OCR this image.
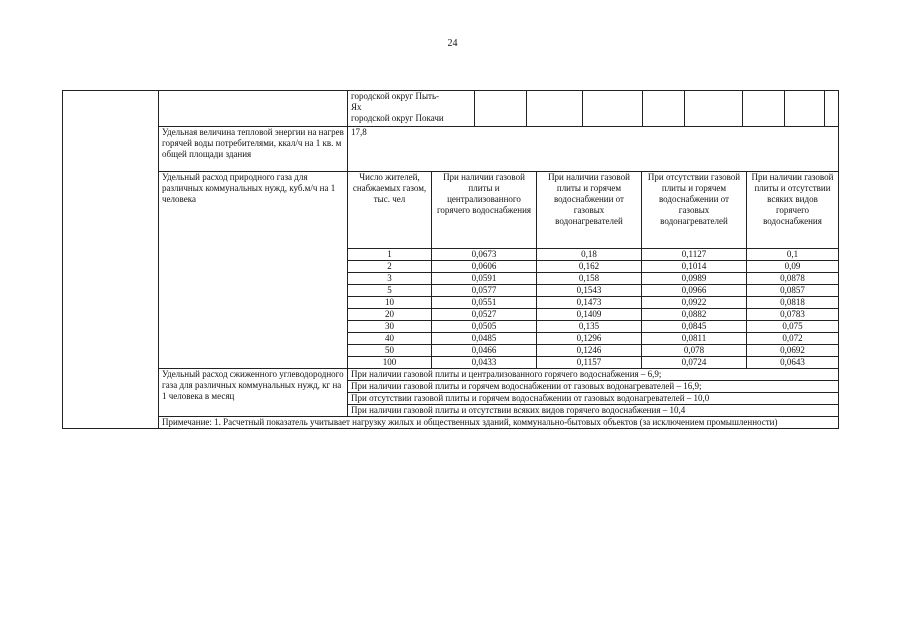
24

городской округ Пыть-
Ях
городской округ Покачи

Удельная величина тепловой энергии на нагрев горячей воды потребителями, ккал/ч на 1 кв. м общей площади здания	17,8
Удельный расход природного газа для различных коммунальных нужд, куб.м/ч на 1 человека	Число жителей, снабжаемых газом, тыс. чел	При наличии газовой плиты и централизованного горячего водоснабжения	При наличии газовой плиты и горячем водоснабжении от газовых водонагревателей	При отсутствии газовой плиты и горячем водоснабжении от газовых водонагревателей	При наличии газовой плиты и отсутствии всяких видов горячего водоснабжения
1	0,0673	0,18	0,1127	0,1
2	0,0606	0,162	0,1014	0,09
3	0,0591	0,158	0,0989	0,0878
5	0,0577	0,1543	0,0966	0,0857
10	0,0551	0,1473	0,0922	0,0818
20	0,0527	0,1409	0,0882	0,0783
30	0,0505	0,135	0,0845	0,075
40	0,0485	0,1296	0,0811	0,072
50	0,0466	0,1246	0,078	0,0692
100	0,0433	0,1157	0,0724	0,0643
Удельный расход сжиженного углеводородного газа для различных коммунальных нужд, кг на 1 человека в месяц	
При наличии газовой плиты и централизованного горячего водоснабжения – 6,9;
При наличии газовой плиты и горячем водоснабжении от газовых водонагревателей – 16,9;
При отсутствии газовой плиты и горячем водоснабжении от газовых водонагревателей – 10,0
При наличии газовой плиты и отсутствии всяких видов горячего водоснабжения – 10,4

Примечание: 1. Расчетный показатель учитывает нагрузку жилых и общественных зданий, коммунально-бытовых объектов (за исключением промышленности)
